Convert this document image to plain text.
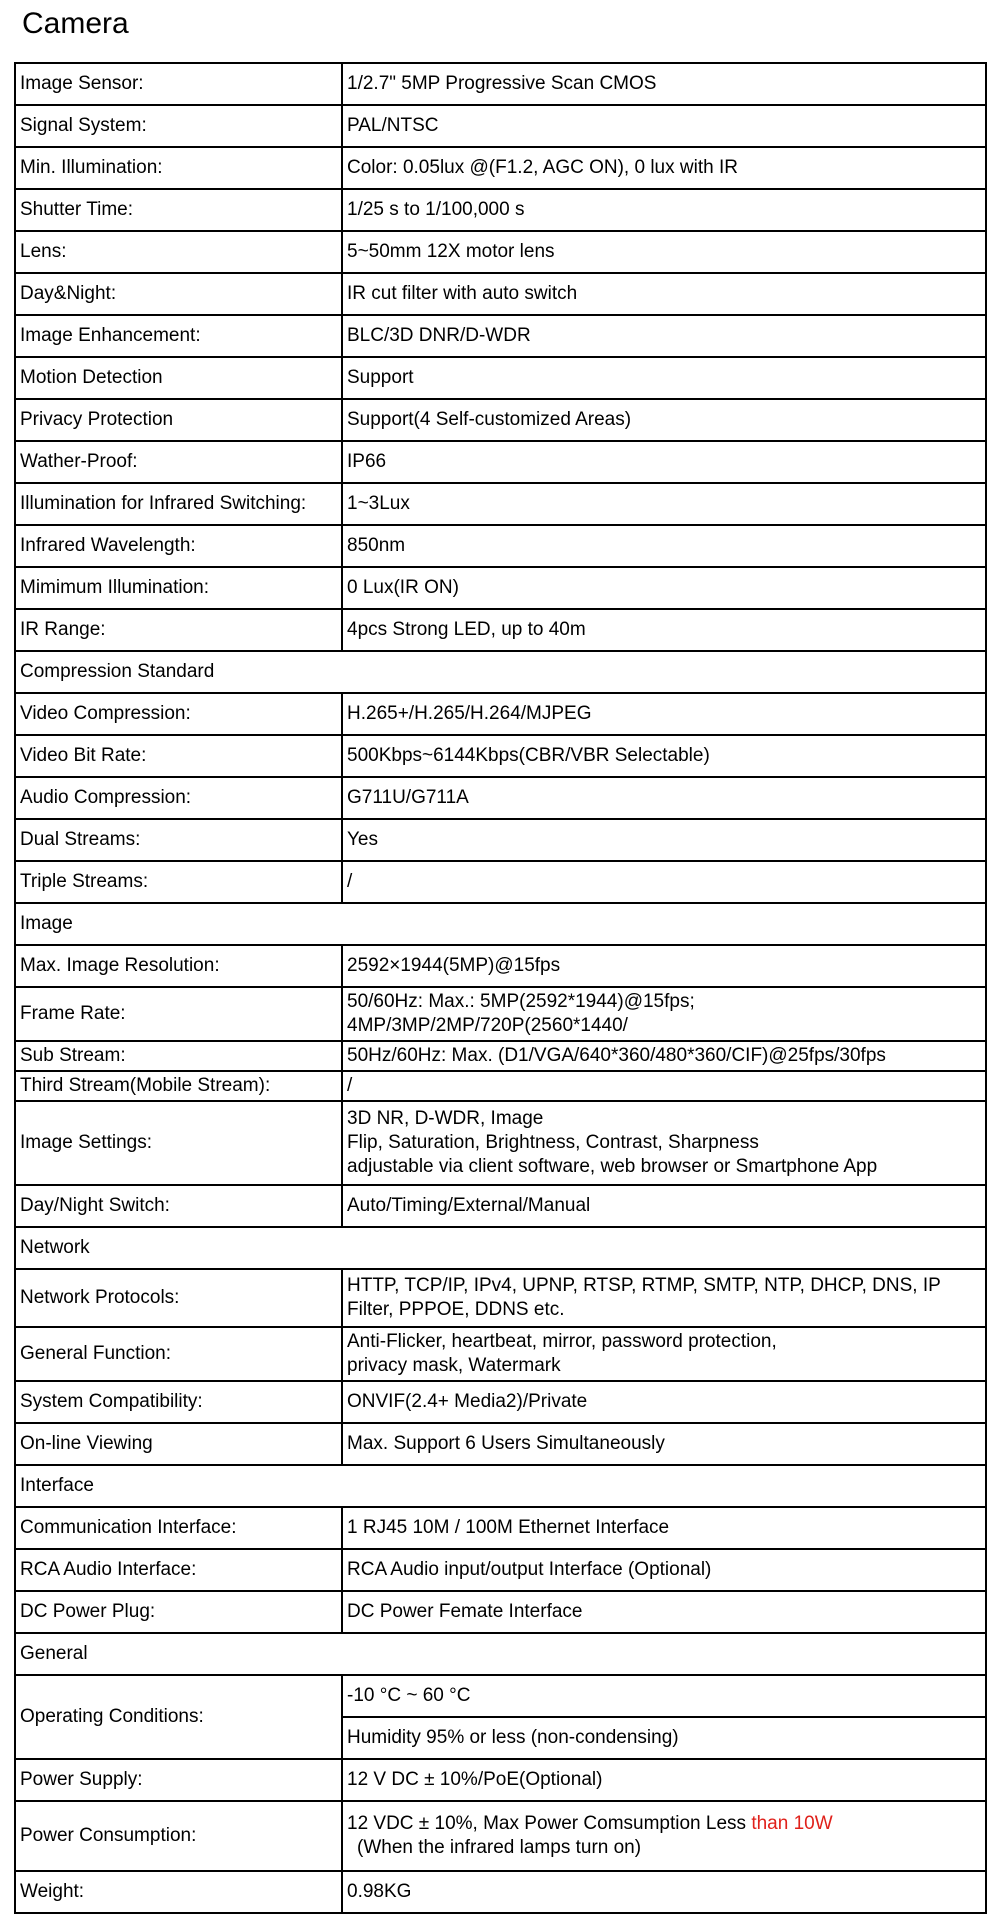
Camera
Image Sensor:	1/2.7" 5MP Progressive Scan CMOS
Signal System:	PAL/NTSC
Min. Illumination:	Color: 0.05lux @(F1.2, AGC ON), 0 lux with IR
Shutter Time:	1/25 s to 1/100,000 s
Lens:	5~50mm 12X motor lens
Day&Night:	IR cut filter with auto switch
Image Enhancement:	BLC/3D DNR/D-WDR
Motion Detection	Support
Privacy Protection	Support(4 Self-customized Areas)
Wather-Proof:	IP66
Illumination for Infrared Switching:	1~3Lux
Infrared Wavelength:	850nm
Mimimum Illumination:	0 Lux(IR ON)
IR Range:	4pcs Strong LED, up to 40m
Compression Standard	
Video Compression:	H.265+/H.265/H.264/MJPEG
Video Bit Rate:	500Kbps~6144Kbps(CBR/VBR Selectable)
Audio Compression:	G711U/G711A
Dual Streams:	Yes
Triple Streams:	/
Image	
Max. Image Resolution:	2592×1944(5MP)@15fps
Frame Rate:	50/60Hz: Max.: 5MP(2592*1944)@15fps;
4MP/3MP/2MP/720P(2560*1440/

Sub Stream:	50Hz/60Hz: Max. (D1/VGA/640*360/480*360/CIF)@25fps/30fps
Third Stream(Mobile Stream):	/
Image Settings:	3D NR, D-WDR, Image
Flip, Saturation, Brightness, Contrast, Sharpness
adjustable via client software, web browser or Smartphone App

Day/Night Switch:	Auto/Timing/External/Manual
Network	
Network Protocols:	HTTP, TCP/IP, IPv4, UPNP, RTSP, RTMP, SMTP, NTP, DHCP, DNS, IP
Filter, PPPOE, DDNS etc.

General Function:	Anti-Flicker, heartbeat, mirror, password protection,
privacy mask, Watermark

System Compatibility:	ONVIF(2.4+ Media2)/Private
On-line Viewing	Max. Support 6 Users Simultaneously
Interface	
Communication Interface:	1 RJ45 10M / 100M Ethernet Interface
RCA Audio Interface:	RCA Audio input/output Interface (Optional)
DC Power Plug:	DC Power Femate Interface
General	
Operating Conditions:	-10 °C ~ 60 °C
	Humidity 95% or less (non-condensing)
Power Supply:	12 V DC ± 10%/PoE(Optional)
Power Consumption:	12 VDC ± 10%, Max Power Comsumption Less than 10W
(When the infrared lamps turn on)

Weight:	0.98KG
